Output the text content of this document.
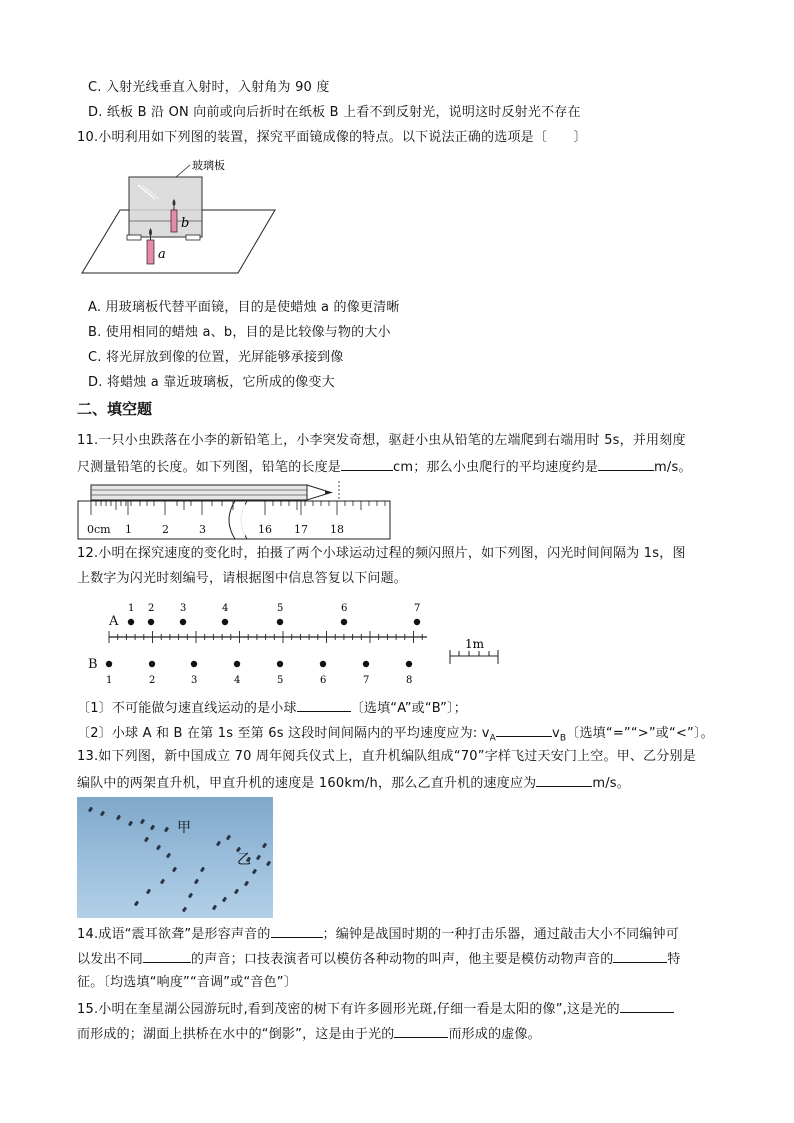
C. 入射光线垂直入射时，入射角为 90 度
D. 纸板 B 沿 ON 向前或向后折时在纸板 B 上看不到反射光，说明这时反射光不存在
10.小明利用如下列图的装置，探究平面镜成像的特点。以下说法正确的选项是〔　　〕
玻璃板
b
a
A. 用玻璃板代替平面镜，目的是使蜡烛 a 的像更清晰
B. 使用相同的蜡烛 a、b，目的是比较像与物的大小
C. 将光屏放到像的位置，光屏能够承接到像
D. 将蜡烛 a 靠近玻璃板，它所成的像变大
二、填空题
11.一只小虫跌落在小李的新铅笔上，小李突发奇想，驱赶小虫从铅笔的左端爬到右端用时 5s，并用刻度
尺测量铅笔的长度。如下列图，铅笔的长度是	cm；那么小虫爬行的平均速度约是	m/s。
0cm 1	2	3	16 17 18
12.小明在探究速度的变化时，拍摄了两个小球运动过程的频闪照片，如下列图，闪光时间间隔为 1s，图
上数字为闪光时刻编号，请根据图中信息答复以下问题。
A
B
1 2	3	4	5	6	7
1	2	3	4	5	6	7	8
1m
〔1〕不可能做匀速直线运动的是小球	〔选填“A”或“B”〕；
〔2〕小球 A 和 B 在第 1s 至第 6s 这段时间间隔内的平均速度应为: $v_A$	$v_B$〔选填“=”“>”或“<”〕。
13.如下列图，新中国成立 70 周年阅兵仪式上，直升机编队组成“70”字样飞过天安门上空。甲、乙分别是
编队中的两架直升机，甲直升机的速度是 160km/h，那么乙直升机的速度应为	m/s。
甲
乙
14.成语“震耳欲聋”是形容声音的	；编钟是战国时期的一种打击乐器，通过敲击大小不同编钟可
以发出不同	的声音；口技表演者可以模仿各种动物的叫声，他主要是模仿动物声音的	特
征。〔均选填“响度”“音调”或“音色”〕
15.小明在奎星湖公园游玩时,看到茂密的树下有许多圆形光斑,仔细一看是太阳的像”,这是光的
而形成的；湖面上拱桥在水中的“倒影”，这是由于光的	而形成的虚像。
